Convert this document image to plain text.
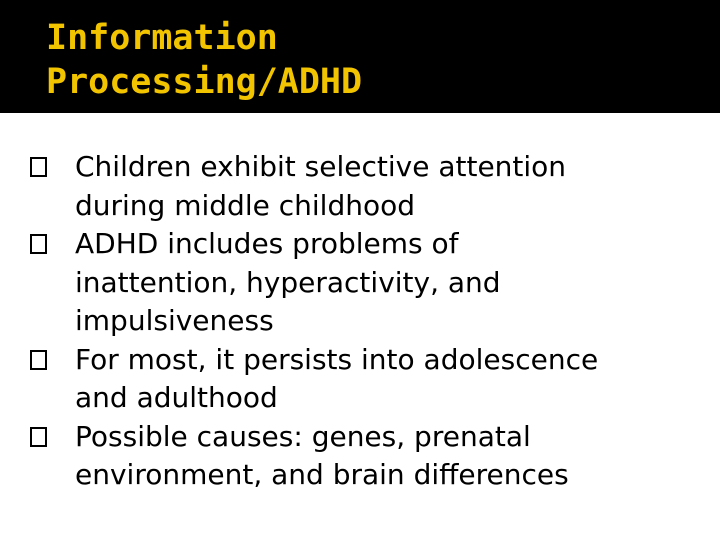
Information
Processing/ADHD
Children exhibit selective attention
during middle childhood
ADHD includes problems of
inattention, hyperactivity, and
impulsiveness
For most, it persists into adolescence
and adulthood
Possible causes: genes, prenatal
environment, and brain differences
